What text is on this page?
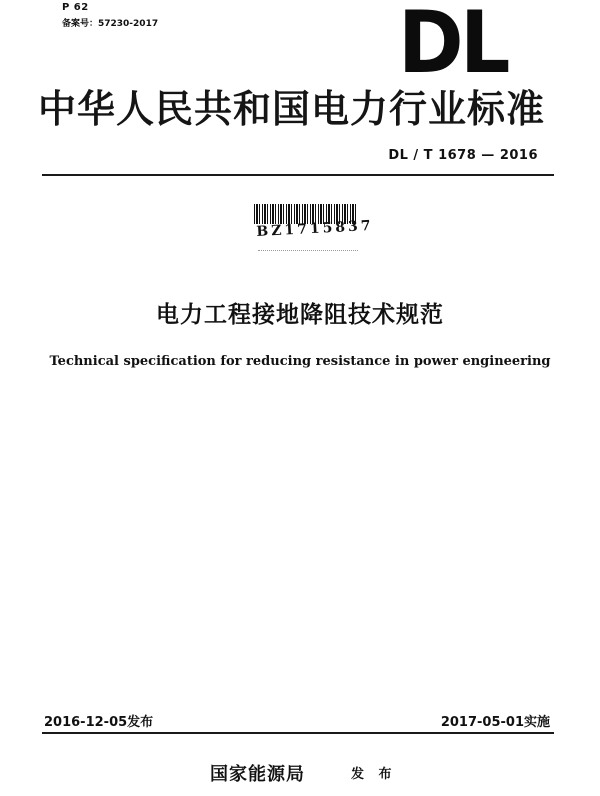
P 62
备案号：57230-2017	DL
中华人民共和国电力行业标准
DL / T 1678 — 2016
BZ1715837
电力工程接地降阻技术规范
Technical specification for reducing resistance in power engineering
2016-12-05发布	2017-05-01实施
国家能源局	发 布
